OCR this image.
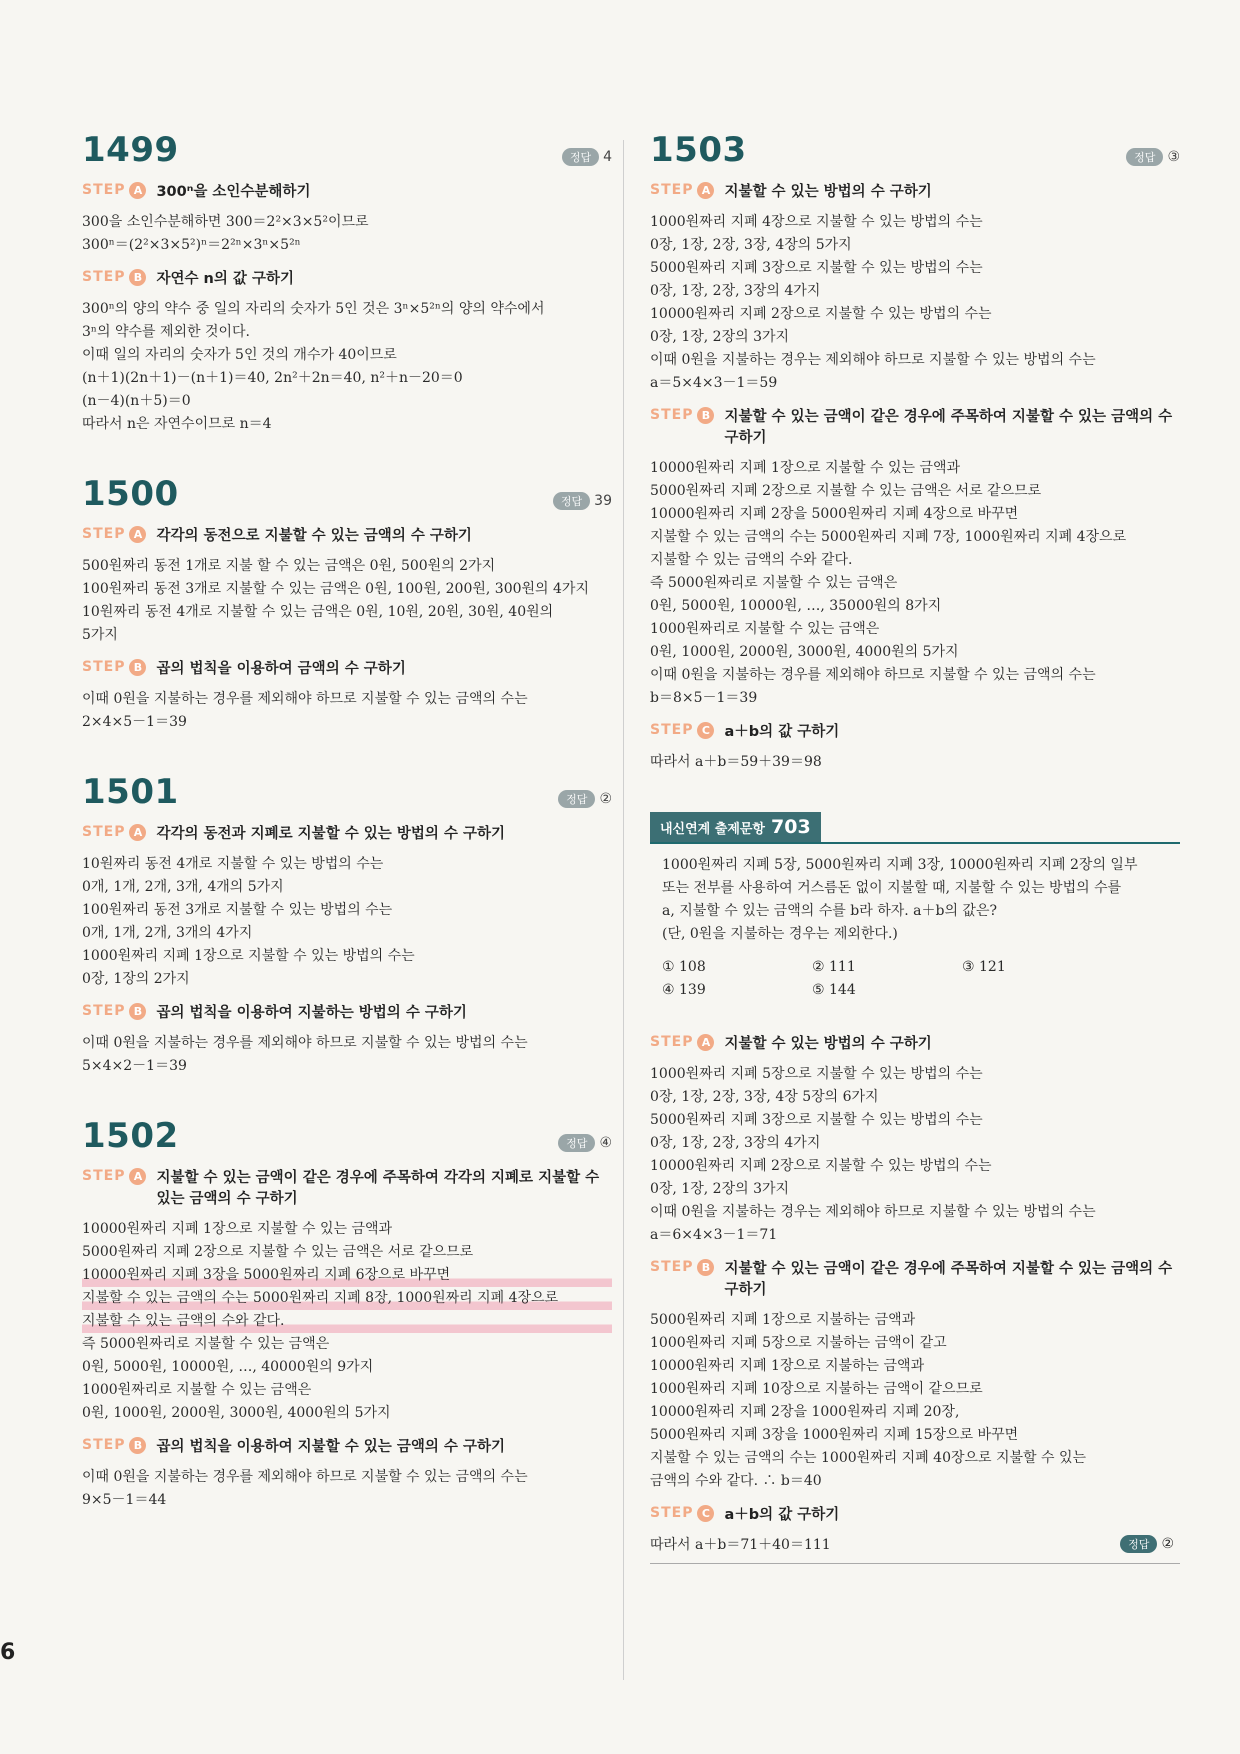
1499	정답 4
STEP A 300ⁿ을 소인수분해하기
300을 소인수분해하면 300＝2²×3×5²이므로
300ⁿ＝(2²×3×5²)ⁿ＝2²ⁿ×3ⁿ×5²ⁿ
STEP B 자연수 n의 값 구하기
300ⁿ의 양의 약수 중 일의 자리의 숫자가 5인 것은 3ⁿ×5²ⁿ의 양의 약수에서
3ⁿ의 약수를 제외한 것이다.
이때 일의 자리의 숫자가 5인 것의 개수가 40이므로
(n＋1)(2n＋1)－(n＋1)＝40, 2n²＋2n＝40, n²＋n－20＝0
(n－4)(n＋5)＝0
따라서 n은 자연수이므로 n＝4
1500	정답 39
STEP A 각각의 동전으로 지불할 수 있는 금액의 수 구하기
500원짜리 동전 1개로 지불 할 수 있는 금액은 0원, 500원의 2가지
100원짜리 동전 3개로 지불할 수 있는 금액은 0원, 100원, 200원, 300원의 4가지
10원짜리 동전 4개로 지불할 수 있는 금액은 0원, 10원, 20원, 30원, 40원의
5가지
STEP B 곱의 법칙을 이용하여 금액의 수 구하기
이때 0원을 지불하는 경우를 제외해야 하므로 지불할 수 있는 금액의 수는
2×4×5－1＝39
1501	정답 ②
STEP A 각각의 동전과 지폐로 지불할 수 있는 방법의 수 구하기
10원짜리 동전 4개로 지불할 수 있는 방법의 수는
0개, 1개, 2개, 3개, 4개의 5가지
100원짜리 동전 3개로 지불할 수 있는 방법의 수는
0개, 1개, 2개, 3개의 4가지
1000원짜리 지폐 1장으로 지불할 수 있는 방법의 수는
0장, 1장의 2가지
STEP B 곱의 법칙을 이용하여 지불하는 방법의 수 구하기
이때 0원을 지불하는 경우를 제외해야 하므로 지불할 수 있는 방법의 수는
5×4×2－1＝39
1502	정답 ④
STEP A 지불할 수 있는 금액이 같은 경우에 주목하여 각각의 지폐로 지불할 수 있는 금액의 수 구하기
10000원짜리 지폐 1장으로 지불할 수 있는 금액과
5000원짜리 지폐 2장으로 지불할 수 있는 금액은 서로 같으므로
10000원짜리 지폐 3장을 5000원짜리 지폐 6장으로 바꾸면
지불할 수 있는 금액의 수는 5000원짜리 지폐 8장, 1000원짜리 지폐 4장으로
지불할 수 있는 금액의 수와 같다.
즉 5000원짜리로 지불할 수 있는 금액은
0원, 5000원, 10000원, …, 40000원의 9가지
1000원짜리로 지불할 수 있는 금액은
0원, 1000원, 2000원, 3000원, 4000원의 5가지
STEP B 곱의 법칙을 이용하여 지불할 수 있는 금액의 수 구하기
이때 0원을 지불하는 경우를 제외해야 하므로 지불할 수 있는 금액의 수는
9×5－1＝44
1503	정답 ③
STEP A 지불할 수 있는 방법의 수 구하기
1000원짜리 지폐 4장으로 지불할 수 있는 방법의 수는
0장, 1장, 2장, 3장, 4장의 5가지
5000원짜리 지폐 3장으로 지불할 수 있는 방법의 수는
0장, 1장, 2장, 3장의 4가지
10000원짜리 지폐 2장으로 지불할 수 있는 방법의 수는
0장, 1장, 2장의 3가지
이때 0원을 지불하는 경우는 제외해야 하므로 지불할 수 있는 방법의 수는
a＝5×4×3－1＝59
STEP B 지불할 수 있는 금액이 같은 경우에 주목하여 지불할 수 있는 금액의 수 구하기
10000원짜리 지폐 1장으로 지불할 수 있는 금액과
5000원짜리 지폐 2장으로 지불할 수 있는 금액은 서로 같으므로
10000원짜리 지폐 2장을 5000원짜리 지폐 4장으로 바꾸면
지불할 수 있는 금액의 수는 5000원짜리 지폐 7장, 1000원짜리 지폐 4장으로
지불할 수 있는 금액의 수와 같다.
즉 5000원짜리로 지불할 수 있는 금액은
0원, 5000원, 10000원, …, 35000원의 8가지
1000원짜리로 지불할 수 있는 금액은
0원, 1000원, 2000원, 3000원, 4000원의 5가지
이때 0원을 지불하는 경우를 제외해야 하므로 지불할 수 있는 금액의 수는
b＝8×5－1＝39
STEP C a＋b의 값 구하기
따라서 a＋b＝59＋39＝98
내신연계 출제문항 703
1000원짜리 지폐 5장, 5000원짜리 지폐 3장, 10000원짜리 지폐 2장의 일부
또는 전부를 사용하여 거스름돈 없이 지불할 때, 지불할 수 있는 방법의 수를
a, 지불할 수 있는 금액의 수를 b라 하자. a＋b의 값은?
(단, 0원을 지불하는 경우는 제외한다.)
① 108	② 111	③ 121
④ 139	⑤ 144
STEP A 지불할 수 있는 방법의 수 구하기
1000원짜리 지폐 5장으로 지불할 수 있는 방법의 수는
0장, 1장, 2장, 3장, 4장 5장의 6가지
5000원짜리 지폐 3장으로 지불할 수 있는 방법의 수는
0장, 1장, 2장, 3장의 4가지
10000원짜리 지폐 2장으로 지불할 수 있는 방법의 수는
0장, 1장, 2장의 3가지
이때 0원을 지불하는 경우는 제외해야 하므로 지불할 수 있는 방법의 수는
a＝6×4×3－1＝71
STEP B 지불할 수 있는 금액이 같은 경우에 주목하여 지불할 수 있는 금액의 수 구하기
5000원짜리 지폐 1장으로 지불하는 금액과
1000원짜리 지폐 5장으로 지불하는 금액이 같고
10000원짜리 지폐 1장으로 지불하는 금액과
1000원짜리 지폐 10장으로 지불하는 금액이 같으므로
10000원짜리 지폐 2장을 1000원짜리 지폐 20장,
5000원짜리 지폐 3장을 1000원짜리 지폐 15장으로 바꾸면
지불할 수 있는 금액의 수는 1000원짜리 지폐 40장으로 지불할 수 있는
금액의 수와 같다. ∴ b＝40
STEP C a＋b의 값 구하기
따라서 a＋b＝71＋40＝111	정답 ②
6
